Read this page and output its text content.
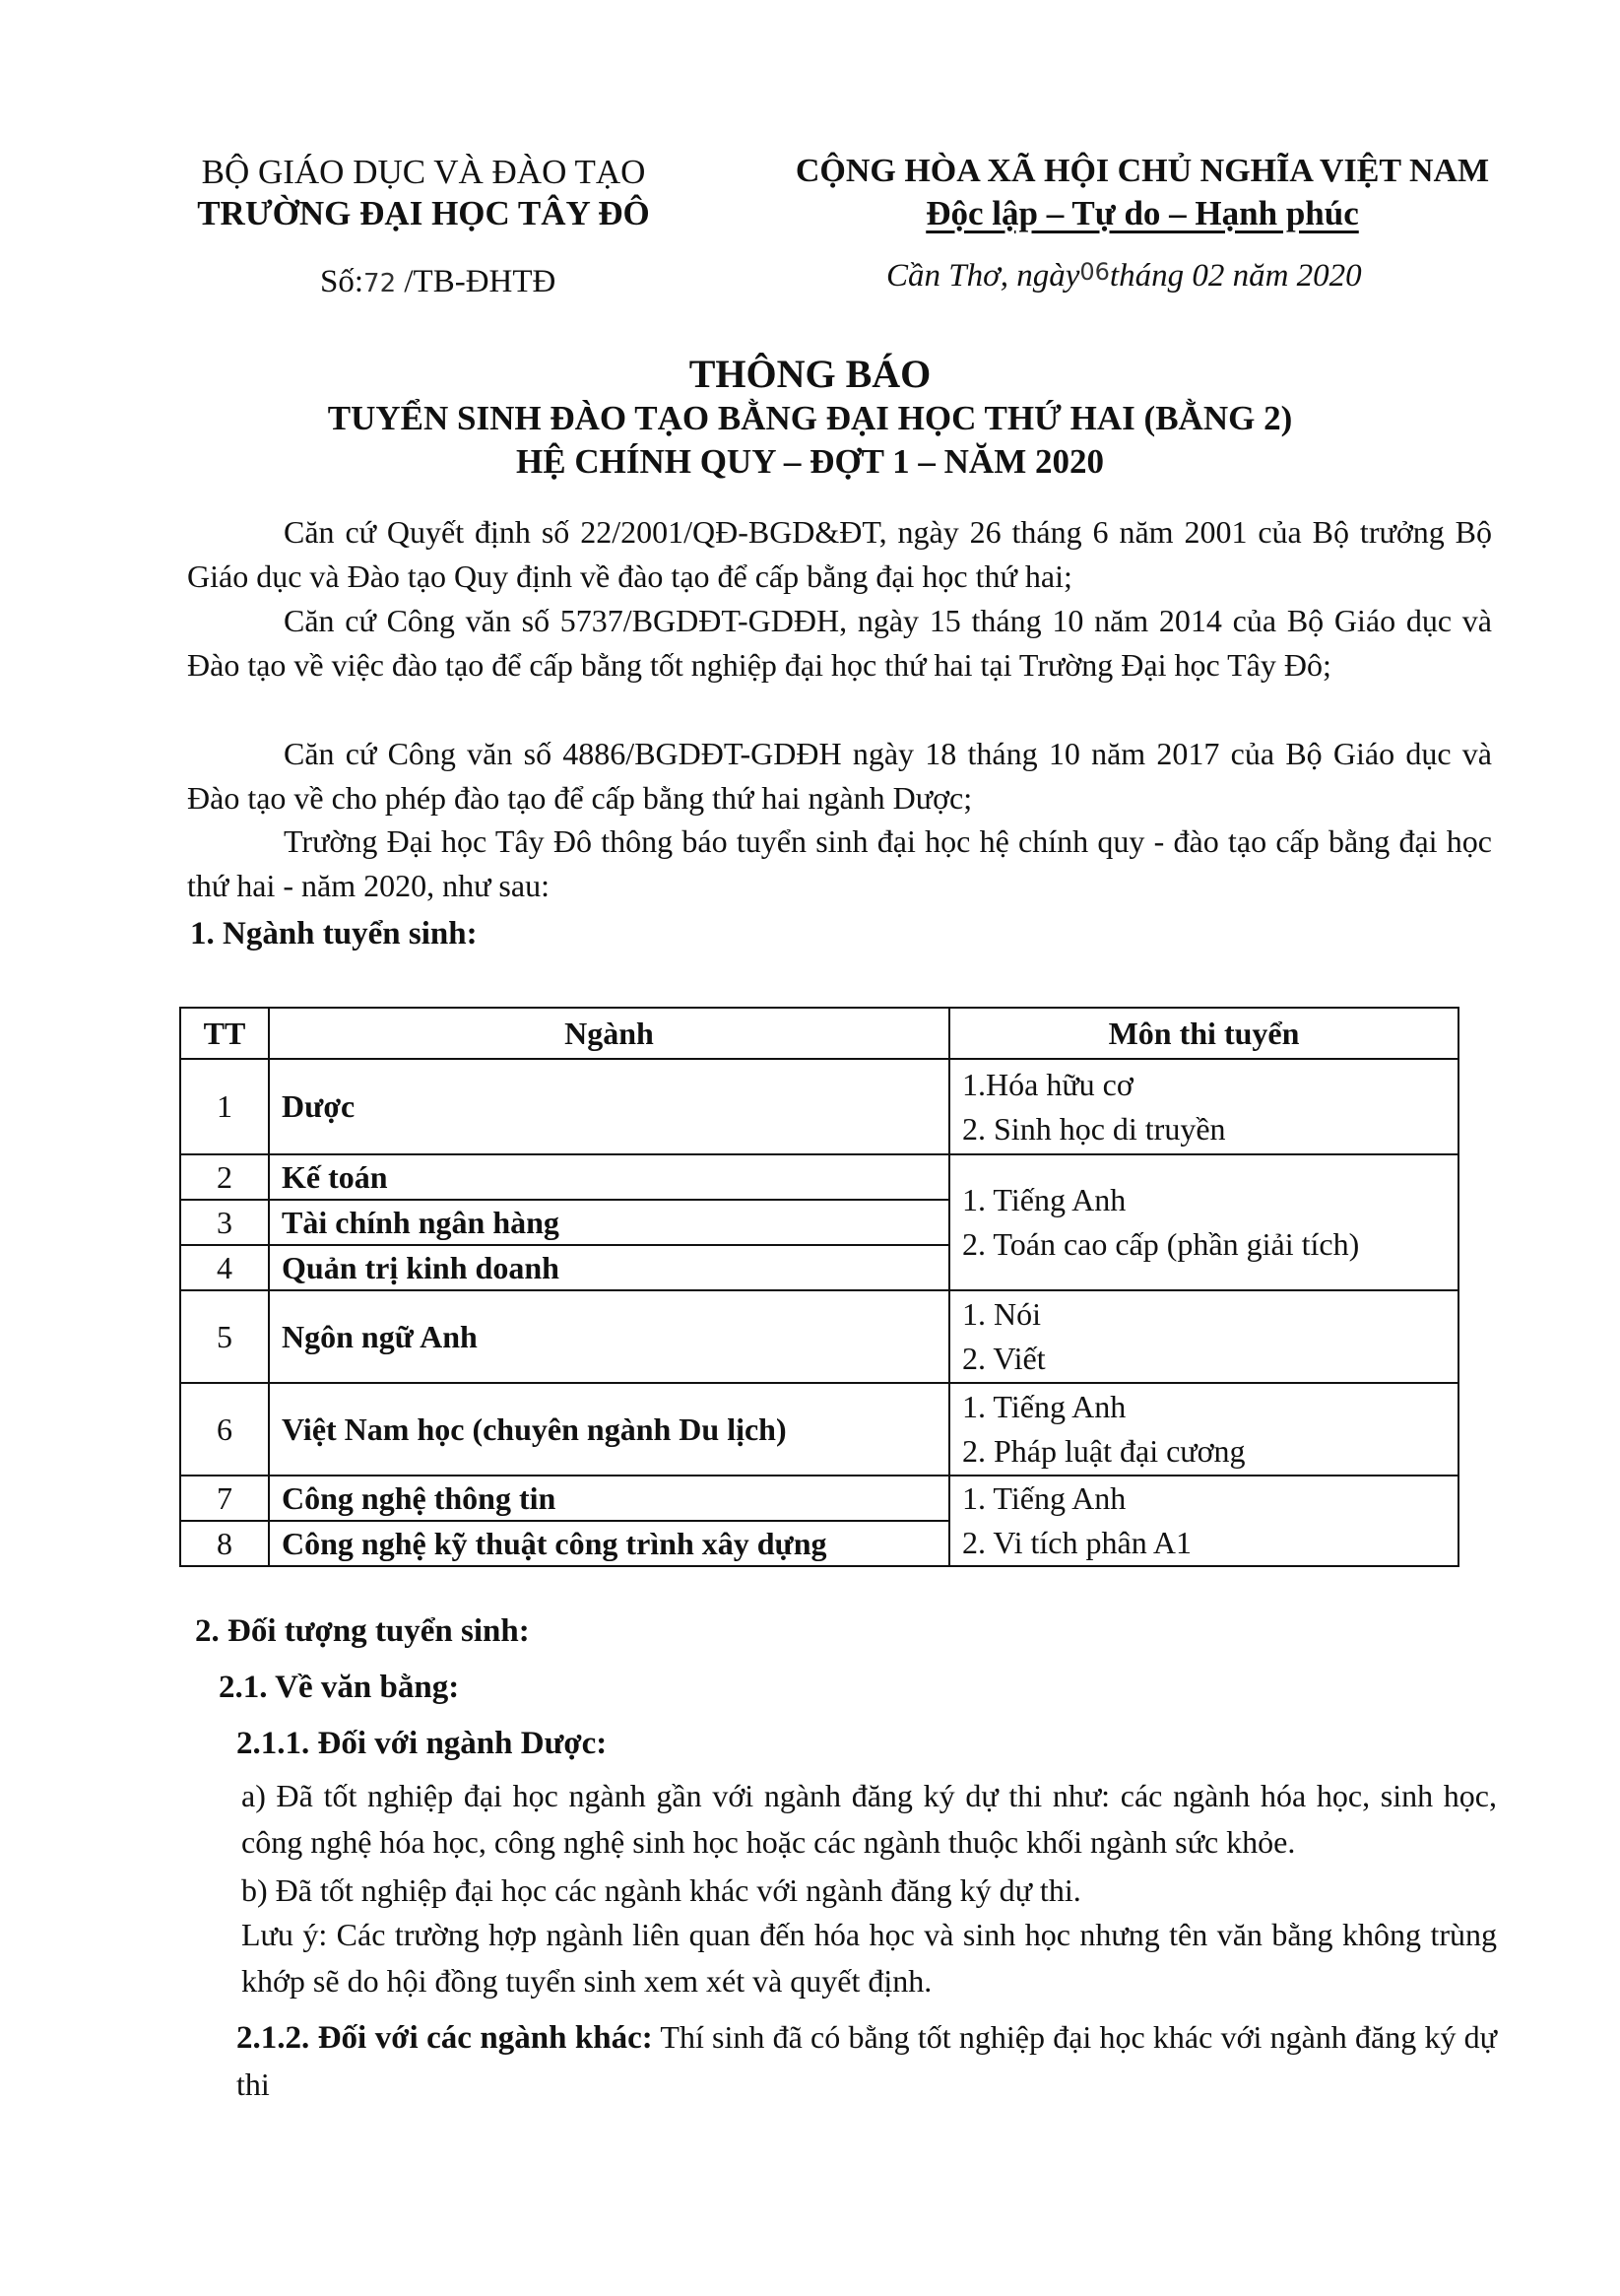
BỘ GIÁO DỤC VÀ ĐÀO TẠO
TRƯỜNG ĐẠI HỌC TÂY ĐÔ
Số:72 /TB-ĐHTĐ
CỘNG HÒA XÃ HỘI CHỦ NGHĨA VIỆT NAM
Độc lập – Tự do – Hạnh phúc
Cần Thơ, ngày06tháng 02 năm 2020
THÔNG BÁO
TUYỂN SINH ĐÀO TẠO BẰNG ĐẠI HỌC THỨ HAI (BẰNG 2)
HỆ CHÍNH QUY – ĐỢT 1 – NĂM 2020

Căn cứ Quyết định số 22/2001/QĐ-BGD&ĐT, ngày 26 tháng 6 năm 2001 của Bộ trưởng Bộ Giáo dục và Đào tạo Quy định về đào tạo để cấp bằng đại học thứ hai;

Căn cứ Công văn số 5737/BGDĐT-GDĐH, ngày 15 tháng 10 năm 2014 của Bộ Giáo dục và Đào tạo về việc đào tạo để cấp bằng tốt nghiệp đại học thứ hai tại Trường Đại học Tây Đô;

Căn cứ Công văn số 4886/BGDĐT-GDĐH ngày 18 tháng 10 năm 2017 của Bộ Giáo dục và Đào tạo về cho phép đào tạo để cấp bằng thứ hai ngành Dược;

Trường Đại học Tây Đô thông báo tuyển sinh đại học hệ chính quy - đào tạo cấp bằng đại học thứ hai - năm 2020, như sau:

1. Ngành tuyển sinh:
TT	Ngành	Môn thi tuyển
1	Dược	1.Hóa hữu cơ
2. Sinh học di truyền

2	Kế toán	1. Tiếng Anh
2. Toán cao cấp (phần giải tích)

3	Tài chính ngân hàng	
4	Quản trị kinh doanh	
5	Ngôn ngữ Anh	1. Nói
2. Viết

6	Việt Nam học (chuyên ngành Du lịch)	1. Tiếng Anh
2. Pháp luật đại cương

7	Công nghệ thông tin	1. Tiếng Anh
2. Vi tích phân A1

8	Công nghệ kỹ thuật công trình xây dựng	
2. Đối tượng tuyển sinh:
2.1. Về văn bằng:
2.1.1. Đối với ngành Dược:

a) Đã tốt nghiệp đại học ngành gần với ngành đăng ký dự thi như: các ngành hóa học, sinh học, công nghệ hóa học, công nghệ sinh học hoặc các ngành thuộc khối ngành sức khỏe.

b) Đã tốt nghiệp đại học các ngành khác với ngành đăng ký dự thi.

Lưu ý: Các trường hợp ngành liên quan đến hóa học và sinh học nhưng tên văn bằng không trùng khớp sẽ do hội đồng tuyển sinh xem xét và quyết định.

2.1.2. Đối với các ngành khác: Thí sinh đã có bằng tốt nghiệp đại học khác với ngành đăng ký dự thi
